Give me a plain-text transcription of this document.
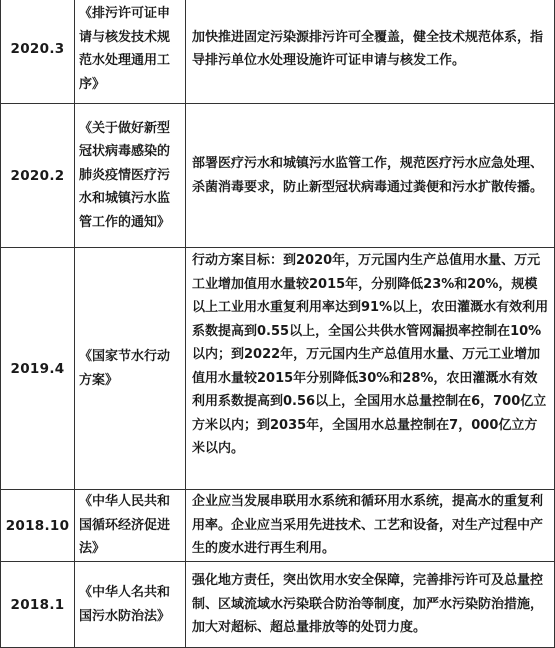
2020.3	《排污许可证申请与核发技术规范水处理通用工序》	加快推进固定污染源排污许可全覆盖，健全技术规范体系，指导排污单位水处理设施许可证申请与核发工作。

2020.2	《关于做好新型冠状病毒感染的肺炎疫情医疗污水和城镇污水监管工作的通知》	部署医疗污水和城镇污水监管工作，规范医疗污水应急处理、杀菌消毒要求，防止新型冠状病毒通过粪便和污水扩散传播。

2019.4	《国家节水行动方案》	行动方案目标：到2020年，万元国内生产总值用水量、万元工业增加值用水量较2015年，分别降低23%和20%，规模以上工业用水重复利用率达到91%以上，农田灌溉水有效利用系数提高到0.55以上，全国公共供水管网漏损率控制在10%以内；到2022年，万元国内生产总值用水量、万元工业增加值用水量较2015年分别降低30%和28%，农田灌溉水有效利用系数提高到0.56以上，全国用水总量控制在6，700亿立方米以内；到2035年，全国用水总量控制在7，000亿立方米以内。

2018.10	《中华人民共和国循环经济促进法》	企业应当发展串联用水系统和循环用水系统，提高水的重复利用率。企业应当采用先进技术、工艺和设备，对生产过程中产生的废水进行再生利用。

2018.1	《中华人名共和国污水防治法》	强化地方责任，突出饮用水安全保障，完善排污许可及总量控制、区域流域水污染联合防治等制度，加严水污染防治措施，加大对超标、超总量排放等的处罚力度。
